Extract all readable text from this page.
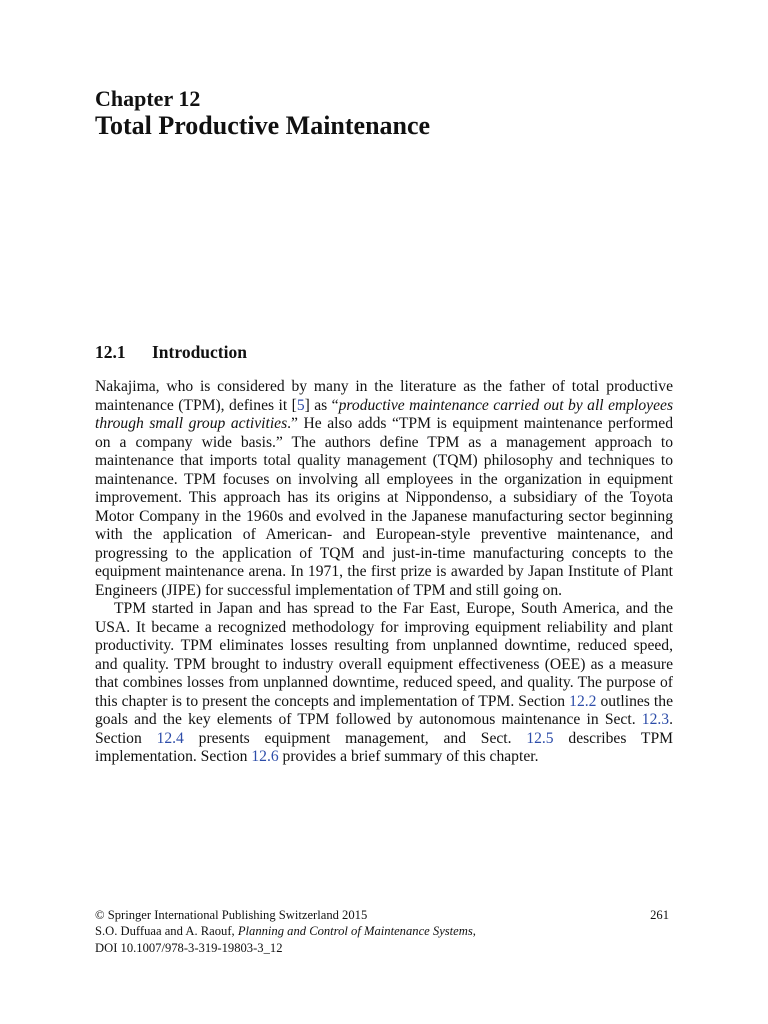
Chapter 12
Total Productive Maintenance
12.1 Introduction

Nakajima, who is considered by many in the literature as the father of total productive maintenance (TPM), defines it [5] as “productive maintenance carried out by all employees through small group activities.” He also adds “TPM is equipment maintenance performed on a company wide basis.” The authors define TPM as a management approach to maintenance that imports total quality management (TQM) philosophy and techniques to maintenance. TPM focuses on involving all employees in the organization in equipment improvement. This approach has its origins at Nippondenso, a subsidiary of the Toyota Motor Company in the 1960s and evolved in the Japanese manufacturing sector beginning with the application of American- and European-style preventive maintenance, and progressing to the application of TQM and just-in-time manufacturing concepts to the equipment maintenance arena. In 1971, the first prize is awarded by Japan Institute of Plant Engineers (JIPE) for successful implementation of TPM and still going on.

TPM started in Japan and has spread to the Far East, Europe, South America, and the USA. It became a recognized methodology for improving equipment reliability and plant productivity. TPM eliminates losses resulting from unplanned downtime, reduced speed, and quality. TPM brought to industry overall equipment effectiveness (OEE) as a measure that combines losses from unplanned downtime, reduced speed, and quality. The purpose of this chapter is to present the concepts and implementation of TPM. Section 12.2 outlines the goals and the key elements of TPM followed by autonomous maintenance in Sect. 12.3. Section 12.4 presents equipment management, and Sect. 12.5 describes TPM implementation. Section 12.6 provides a brief summary of this chapter.

© Springer International Publishing Switzerland 2015
S.O. Duffuaa and A. Raouf, Planning and Control of Maintenance Systems,
DOI 10.1007/978-3-319-19803-3_12
261
